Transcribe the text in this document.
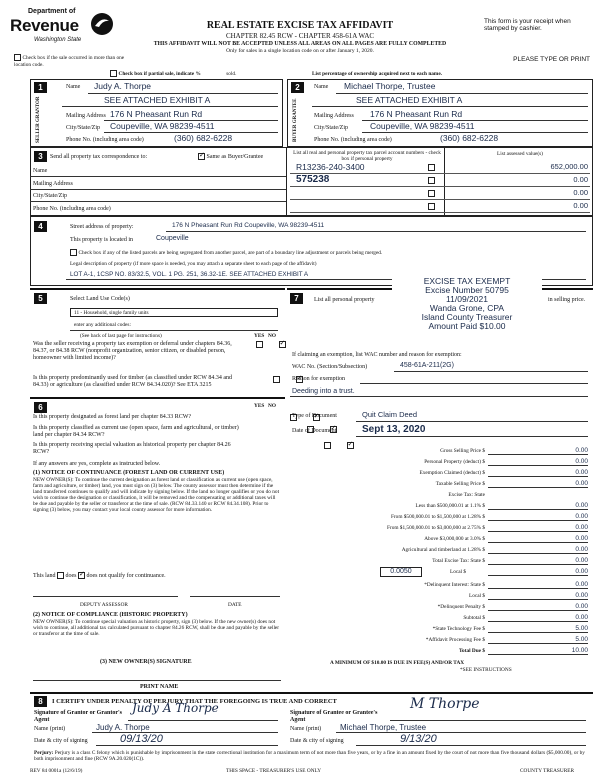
Department of
Revenue
Washington State
REAL ESTATE EXCISE TAX AFFIDAVIT
CHAPTER 82.45 RCW - CHAPTER 458-61A WAC
THIS AFFIDAVIT WILL NOT BE ACCEPTED UNLESS ALL AREAS ON ALL PAGES ARE FULLY COMPLETED
Only for sales in a single location code on or after January 1, 2020.
This form is your receipt when stamped by cashier.
PLEASE TYPE OR PRINT
Check box if the sale occurred in more than one location code.
Check box if partial sale, indicate %	sold.	List percentage of ownership acquired next to each name.
1
SELLER GRANTOR
Name Judy A. Thorpe
SEE ATTACHED EXHIBIT A
Mailing Address 176 N Pheasant Run Rd
City/State/Zip Coupeville, WA 98239-4511
Phone No. (including area code)	(360) 682-6228
2
BUYER GRANTEE
Name Michael Thorpe, Trustee
SEE ATTACHED EXHIBIT A
Mailing Address 176 N Pheasant Run Rd
City/State/Zip	Coupeville, WA 98239-4511
Phone No. (including area code)	(360) 682-6228
3	Send all property tax correspondence to: ✓	Same as Buyer/Grantee
Name
Mailing Address
City/State/Zip
Phone No. (including area code)
List all real and personal property tax parcel account numbers - check box if personal property
List assessed value(s)
R13236-240-3400	652,000.00
575238	0.00
0.00
0.00
4	Street address of property:	176 N Pheasant Run Rd Coupeville, WA 98239-4511
This property is located in	Coupeville
Check box if any of the listed parcels are being segregated from another parcel, are part of a boundary line adjustment or parcels being merged.
Legal description of property (if more space is needed, you may attach a separate sheet to each page of the affidavit)
LOT A-1, 1CSP NO. 83/32.5, VOL. 1 PG. 251, 36.32-1E. SEE ATTACHED EXHIBIT A
5	Select Land Use Code(s)
11 - Household, single family units
enter any additional codes:
(See back of last page for instructions)	YES NO
Was the seller receiving a property tax exemption or deferral under chapters 84.36, 84.37, or 84.38 RCW (nonprofit organization, senior citizen, or disabled person, homeowner with limited income)?
✓
Is this property predominantly used for timber (as classified under RCW 84.34 and 84.33) or agriculture (as classified under RCW 84.34.020)? See ETA 3215
✓
6	YES NO
Is this property designated as forest land per chapter 84.33 RCW?
✓
Is this property classified as current use (open space, farm and agricultural, or timber) land per chapter 84.34 RCW?
✓
Is this property receiving special valuation as historical property per chapter 84.26 RCW?
✓
If any answers are yes, complete as instructed below.
(1) NOTICE OF CONTINUANCE (FOREST LAND OR CURRENT USE)
NEW OWNER(S): To continue the current designation as forest land or classification as current use (open space, farm and agriculture, or timber) land, you must sign on (3) below. The county assessor must then determine if the land transferred continues to qualify and will indicate by signing below. If the land no longer qualifies or you do not wish to continue the designation or classification, it will be removed and the compensating or additional taxes will be due and payable by the seller or transferor at the time of sale. (RCW 84.33.140 or RCW 84.34.108). Prior to signing (3) below, you may contact your local county assessor for more information.
This land does ✓ does not qualify for continuance.
DEPUTY ASSESSOR	DATE
(2) NOTICE OF COMPLIANCE (HISTORIC PROPERTY)
NEW OWNER(S): To continue special valuation as historic property, sign (3) below. If the new owner(s) does not wish to continue, all additional tax calculated pursuant to chapter 84.26 RCW, shall be due and payable by the seller or transferor at the time of sale.
(3) NEW OWNER(S) SIGNATURE
PRINT NAME
7	List all personal property	in selling price.
EXCISE TAX EXEMPT
Excise Number 50795
11/09/2021
Wanda Grone, CPA
Island County Treasurer
Amount Paid $10.00
If claiming an exemption, list WAC number and reason for exemption:
WAC No. (Section/Subsection)	458-61A-211(2G)
Reason for exemption
Deeding into a trust.
Type of Document	Quit Claim Deed
Date of Document	Sept 13, 2020
Gross Selling Price $	0.00
Personal Property (deduct) $	0.00
Exemption Claimed (deduct) $	0.00
Taxable Selling Price $	0.00
Excise Tax: State
Less than $500,000.01 at 1.1% $	0.00
From $500,000.01 to $1,500,000 at 1.28% $	0.00
From $1,500,000.01 to $3,000,000 at 2.75% $	0.00
Above $3,000,000 at 3.0% $	0.00
Agricultural and timberland at 1.28% $	0.00
Total Excise Tax: State $	0.00
0.0050	Local $	0.00
*Delinquent Interest: State $	0.00
Local $	0.00
*Delinquent Penalty $	0.00
Subtotal $	0.00
*State Technology Fee $	5.00
*Affidavit Processing Fee $	5.00
Total Due $	10.00
A MINIMUM OF $10.00 IS DUE IN FEE(S) AND/OR TAX
*SEE INSTRUCTIONS
8	I CERTIFY UNDER PENALTY OF PERJURY THAT THE FOREGOING IS TRUE AND CORRECT
Signature of Grantor or Grantor's Agent
Judy A Thorpe	Signature of Grantee or Grantee's Agent
M Thorpe
Name (print)	Judy A. Thorpe	Name (print) Michael Thorpe, Trustee
Date & city of signing	09/13/20	Date & city of signing	9/13/20
Perjury: Perjury is a class C felony which is punishable by imprisonment in the state correctional institution for a maximum term of not more than five years, or by a fine in an amount fixed by the court of not more than five thousand dollars ($5,000.00), or by both imprisonment and fine (RCW 9A.20.020(1C)).
REV 84 0001a (12/6/19)	THIS SPACE - TREASURER'S USE ONLY	COUNTY TREASURER
